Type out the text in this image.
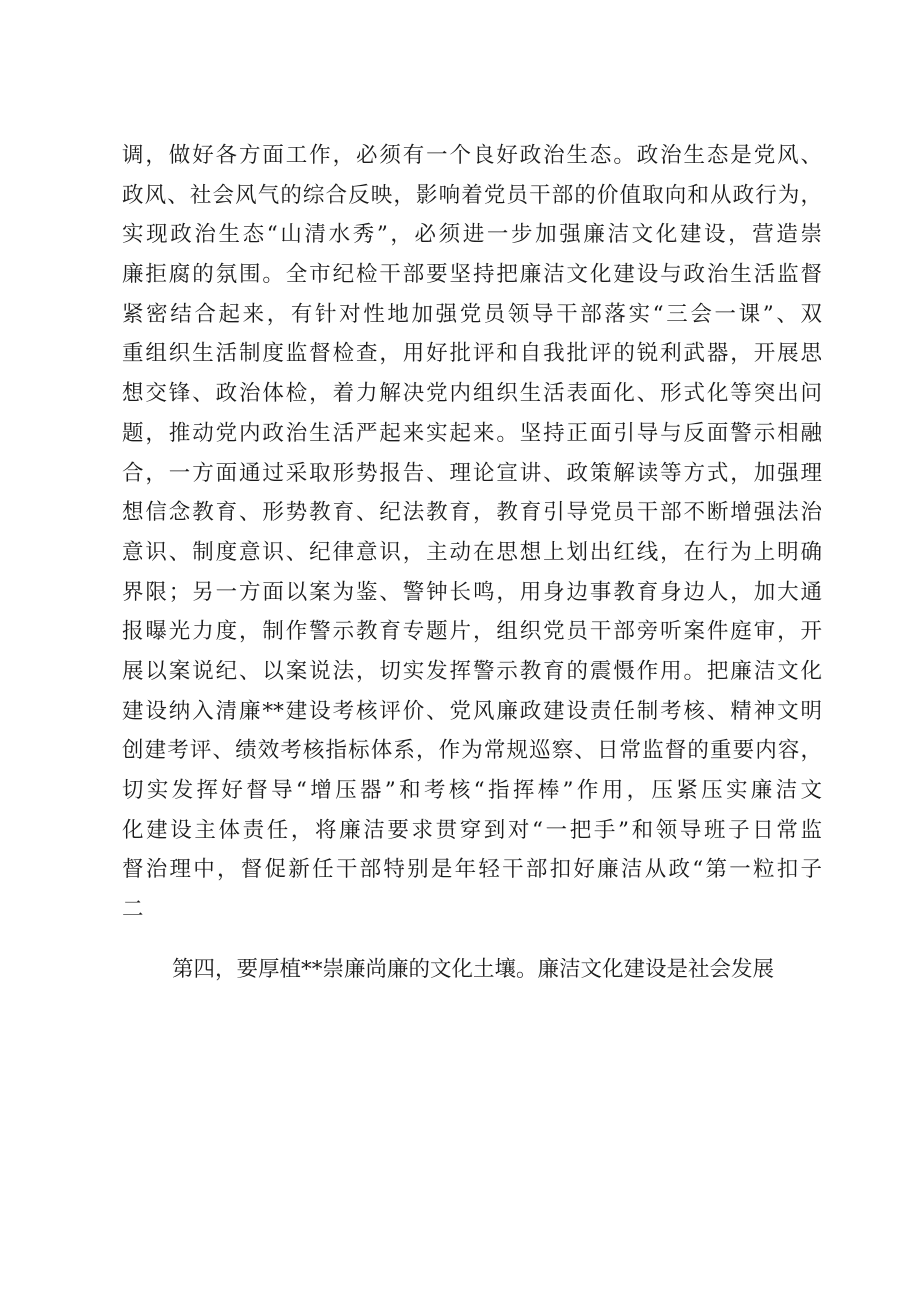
调，做好各方面工作，必须有一个良好政治生态。政治生态是党风、
政风、社会风气的综合反映，影响着党员干部的价值取向和从政行为，
实现政治生态“山清水秀”，必须进一步加强廉洁文化建设，营造崇
廉拒腐的氛围。全市纪检干部要坚持把廉洁文化建设与政治生活监督
紧密结合起来，有针对性地加强党员领导干部落实“三会一课”、双
重组织生活制度监督检查，用好批评和自我批评的锐利武器，开展思
想交锋、政治体检，着力解决党内组织生活表面化、形式化等突出问
题，推动党内政治生活严起来实起来。坚持正面引导与反面警示相融
合，一方面通过采取形势报告、理论宣讲、政策解读等方式，加强理
想信念教育、形势教育、纪法教育，教育引导党员干部不断增强法治
意识、制度意识、纪律意识，主动在思想上划出红线，在行为上明确
界限；另一方面以案为鉴、警钟长鸣，用身边事教育身边人，加大通
报曝光力度，制作警示教育专题片，组织党员干部旁听案件庭审，开
展以案说纪、以案说法，切实发挥警示教育的震慑作用。把廉洁文化
建设纳入清廉**建设考核评价、党风廉政建设责任制考核、精神文明
创建考评、绩效考核指标体系，作为常规巡察、日常监督的重要内容，
切实发挥好督导“增压器”和考核“指挥棒”作用，压紧压实廉洁文
化建设主体责任，将廉洁要求贯穿到对“一把手”和领导班子日常监
督治理中，督促新任干部特别是年轻干部扣好廉洁从政“第一粒扣子
二
第四，要厚植**崇廉尚廉的文化土壤。廉洁文化建设是社会发展
